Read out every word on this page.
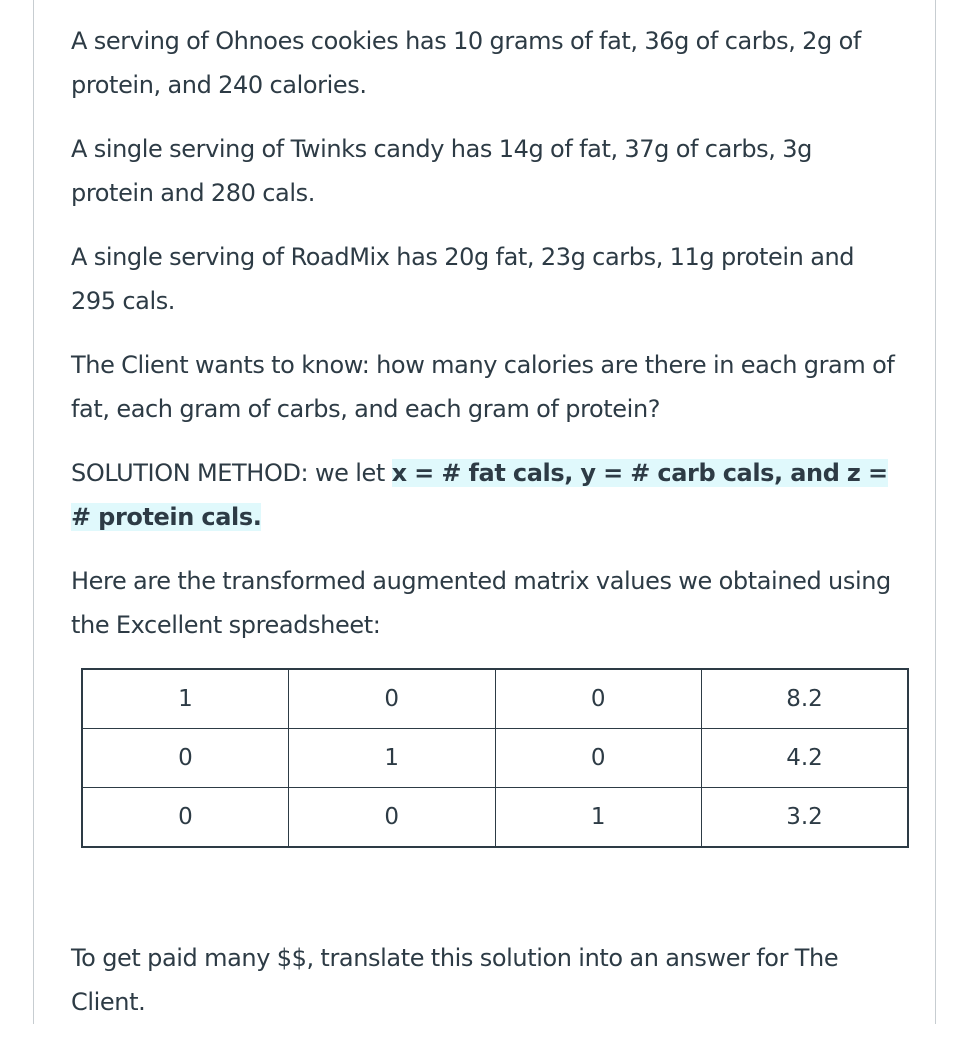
A serving of Ohnoes cookies has 10 grams of fat, 36g of carbs, 2g of protein, and 240 calories.

A single serving of Twinks candy has 14g of fat, 37g of carbs, 3g protein and 280 cals.

A single serving of RoadMix has 20g fat, 23g carbs, 11g protein and 295 cals.

The Client wants to know: how many calories are there in each gram of fat, each gram of carbs, and each gram of protein?

SOLUTION METHOD: we let x = # fat cals, y = # carb cals, and z = # protein cals.

Here are the transformed augmented matrix values we obtained using the Excellent spreadsheet:

1	0	0	8.2
0	1	0	4.2
0	0	1	3.2

To get paid many $$, translate this solution into an answer for The Client.
